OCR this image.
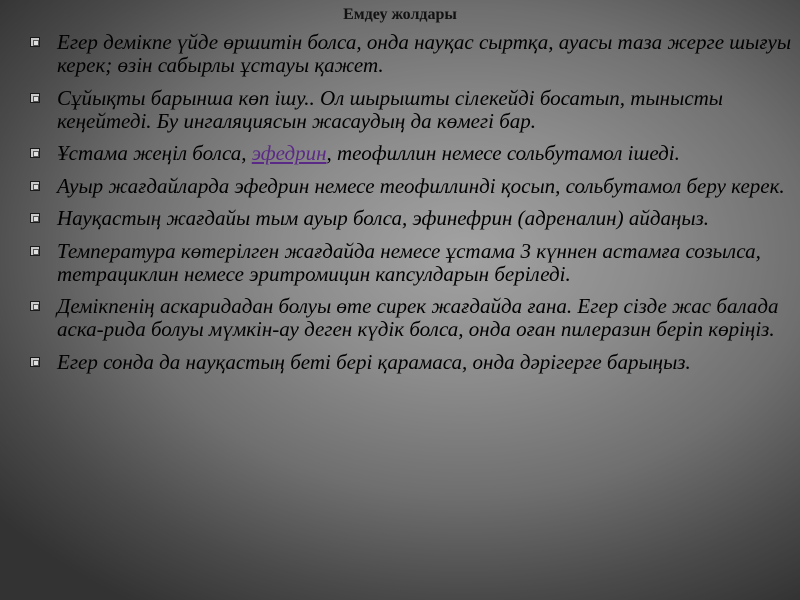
Емдеу жолдары
Егер демікпе үйде өршитін болса, онда науқас сыртқа, ауасы таза жерге шығуы керек; өзін сабырлы ұстауы қажет.
Сұйықты барынша көп ішу.. Ол шырышты сілекейді босатып, тынысты кеңейтеді. Бу ингаляциясын жасаудың да көмегі бар.
Ұстама жеңіл болса, эфедрин, теофиллин немесе сольбутамол ішеді.
Ауыр жағдайларда эфедрин немесе теофиллинді қосып, сольбутамол беру керек.
Науқастың жағдайы тым ауыр болса, эфинефрин (адреналин) айдаңыз.
Температура көтерілген жағдайда немесе ұстама 3 күннен астамға созылса, тетрациклин немесе эритромицин капсулдарын беріледі.
Демікпенің аскаридадан болуы өте сирек жағдайда ғана. Егер сізде жас балада аска-рида болуы мүмкін-ау деген күдік болса, онда оған пилеразин беріп көріңіз.
Егер сонда да науқастың беті бері қарамаса, онда дәрігерге барыңыз.
